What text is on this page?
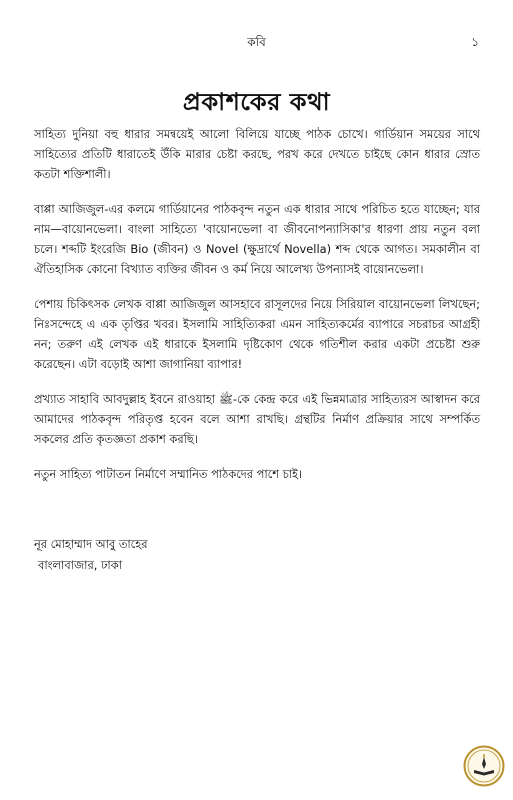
কবি	১
প্রকাশকের কথা

সাহিত্য দুনিয়া বহু ধারার সমন্বয়েই আলো বিলিয়ে যাচ্ছে পাঠক চোখে। গার্ডিয়ান সময়ের সাথে সাহিত্যের প্রতিটি ধারাতেই উঁকি মারার চেষ্টা করছে, পরখ করে দেখতে চাইছে কোন ধারার স্রোত কতটা শক্তিশালী।

বাপ্পা আজিজুল-এর কলমে গার্ডিয়ানের পাঠকবৃন্দ নতুন এক ধারার সাথে পরিচিত হতে যাচ্ছেন; যার নাম—বায়োনভেলা। বাংলা সাহিত্যে 'বায়োনভেলা বা জীবনোপন্যাসিকা'র ধারণা প্রায় নতুন বলা চলে। শব্দটি ইংরেজি Bio (জীবন) ও Novel (ক্ষুদ্রার্থে Novella) শব্দ থেকে আগত। সমকালীন বা ঐতিহাসিক কোনো বিখ্যাত ব্যক্তির জীবন ও কর্ম নিয়ে আলেখ্য উপন্যাসই বায়োনভেলা।

পেশায় চিকিৎসক লেখক বাপ্পা আজিজুল আসহাবে রাসূলদের নিয়ে সিরিয়াল বায়োনভেলা লিখছেন; নিঃসন্দেহে এ এক তৃপ্তির খবর। ইসলামি সাহিত্যিকরা এমন সাহিত্যকর্মের ব্যাপারে সচরাচর আগ্রহী নন; তরুণ এই লেখক এই ধারাকে ইসলামি দৃষ্টিকোণ থেকে গতিশীল করার একটা প্রচেষ্টা শুরু করেছেন। এটা বড়োই আশা জাগানিয়া ব্যাপার!

প্রখ্যাত সাহাবি আবদুল্লাহ ইবনে রাওয়াহা ﷺ-কে কেন্দ্র করে এই ভিন্নমাত্রার সাহিত্যরস আস্বাদন করে আমাদের পাঠকবৃন্দ পরিতৃপ্ত হবেন বলে আশা রাখছি। গ্রন্থটির নির্মাণ প্রক্রিয়ার সাথে সম্পর্কিত সকলের প্রতি কৃতজ্ঞতা প্রকাশ করছি।

নতুন সাহিত্য পাটাতন নির্মাণে সম্মানিত পাঠকদের পাশে চাই।

নূর মোহাম্মাদ আবু তাহের

বাংলাবাজার, ঢাকা
